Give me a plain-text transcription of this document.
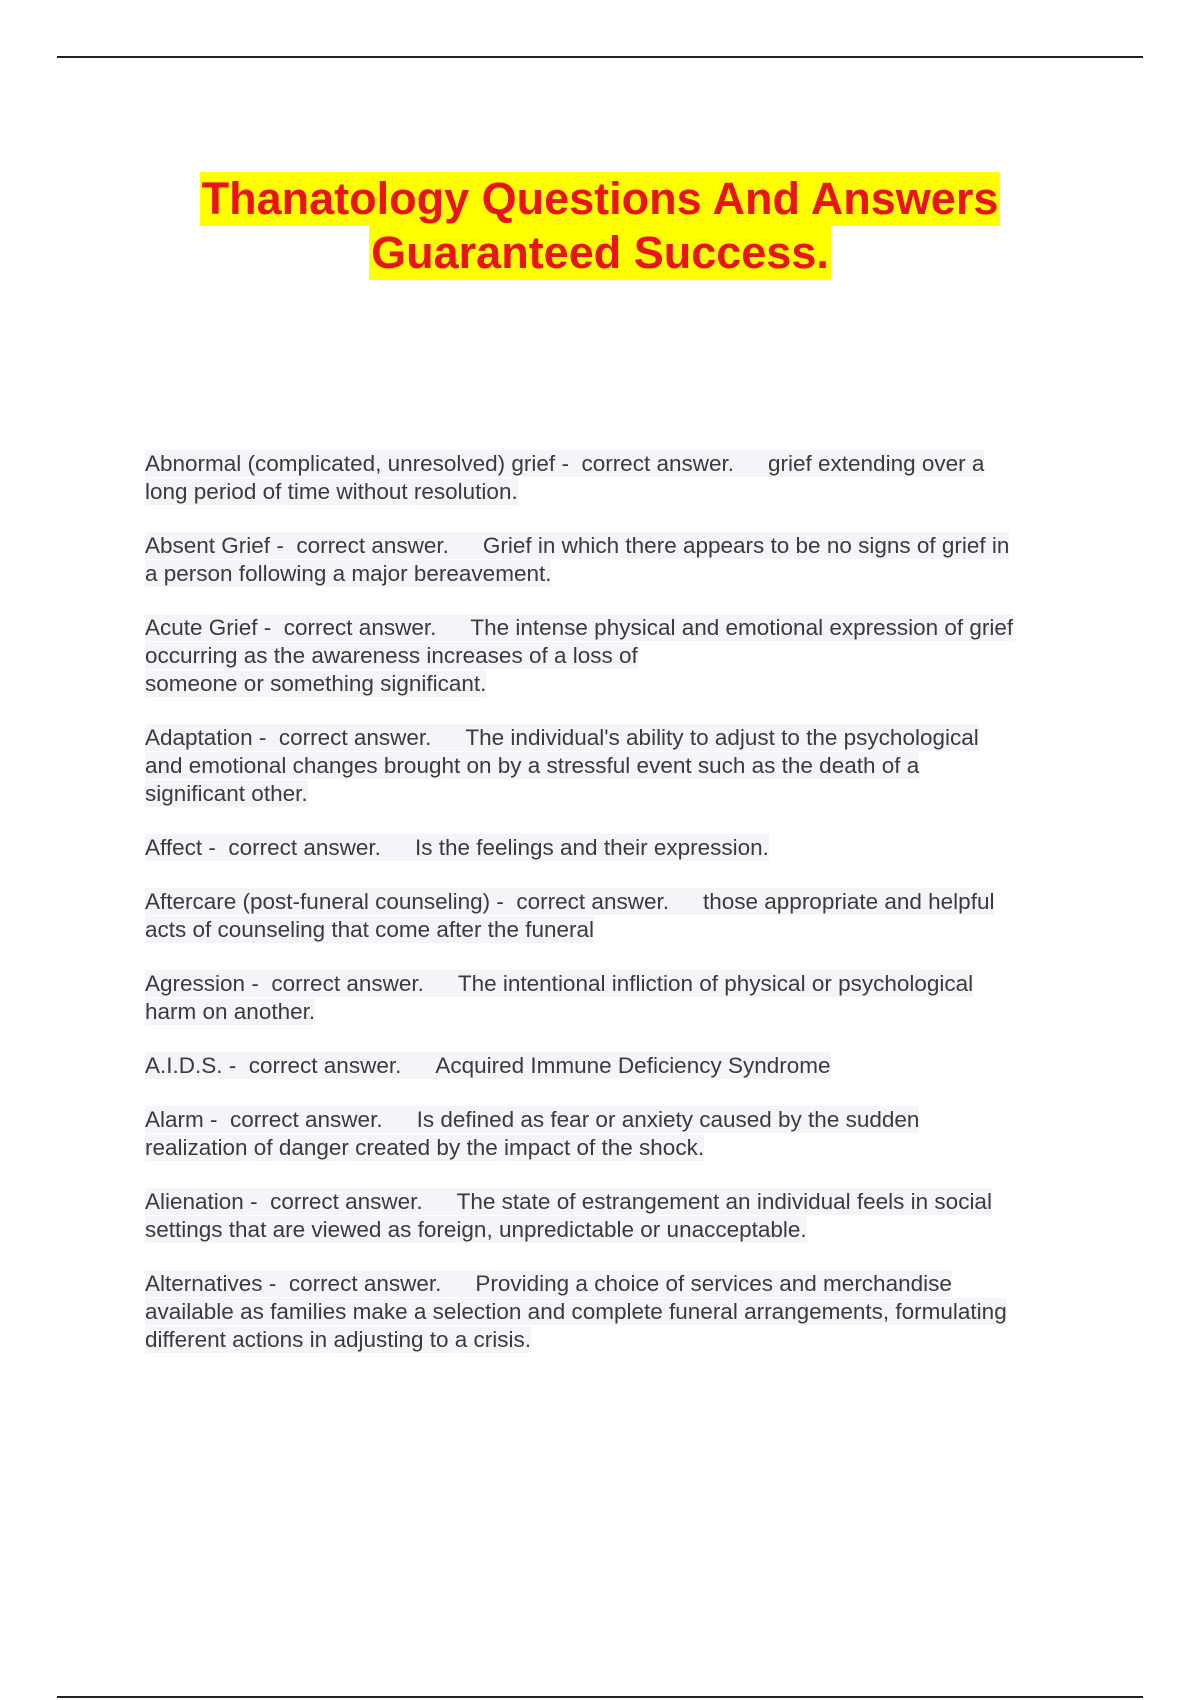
Thanatology Questions And Answers
Guaranteed Success.
Abnormal (complicated, unresolved) grief -  correct answer. grief extending over a
long period of time without resolution.
Absent Grief -  correct answer. Grief in which there appears to be no signs of grief in
a person following a major bereavement.
Acute Grief -  correct answer. The intense physical and emotional expression of grief
occurring as the awareness increases of a loss of
someone or something significant.
Adaptation -  correct answer. The individual's ability to adjust to the psychological
and emotional changes brought on by a stressful event such as the death of a
significant other.
Affect -  correct answer. Is the feelings and their expression.
Aftercare (post-funeral counseling) -  correct answer. those appropriate and helpful
acts of counseling that come after the funeral
Agression -  correct answer. The intentional infliction of physical or psychological
harm on another.
A.I.D.S. -  correct answer. Acquired Immune Deficiency Syndrome
Alarm -  correct answer. Is defined as fear or anxiety caused by the sudden
realization of danger created by the impact of the shock.
Alienation -  correct answer. The state of estrangement an individual feels in social
settings that are viewed as foreign, unpredictable or unacceptable.
Alternatives -  correct answer. Providing a choice of services and merchandise
available as families make a selection and complete funeral arrangements, formulating
different actions in adjusting to a crisis.
